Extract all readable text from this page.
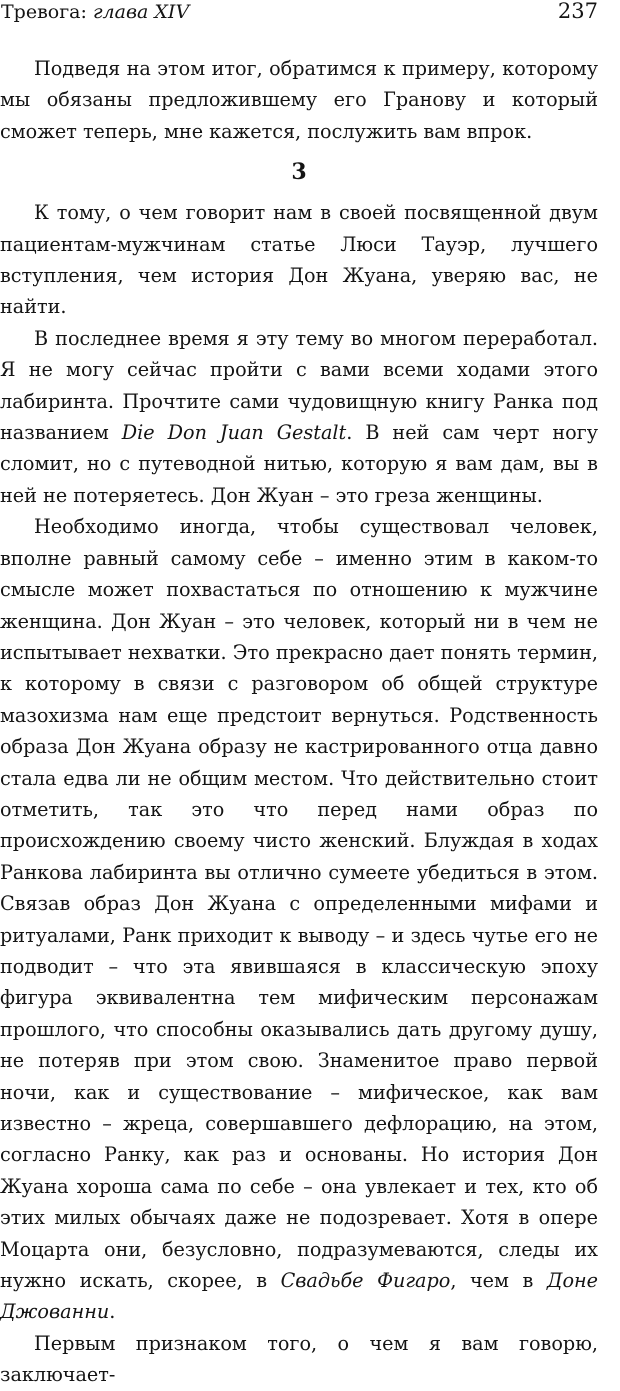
Тревога: глава XIV	237

Подведя на этом итог, обратимся к примеру, которому мы обязаны предложившему его Гранову и который сможет теперь, мне кажется, послужить вам впрок.

3

К тому, о чем говорит нам в своей посвященной двум пациентам-мужчинам статье Люси Тауэр, лучшего вступления, чем история Дон Жуана, уверяю вас, не найти.

В последнее время я эту тему во многом переработал. Я не могу сейчас пройти с вами всеми ходами этого лабиринта. Прочтите сами чудовищную книгу Ранка под названием Die Don Juan Gestalt. В ней сам черт ногу сломит, но с путеводной нитью, которую я вам дам, вы в ней не потеряетесь. Дон Жуан – это греза женщины.

Необходимо иногда, чтобы существовал человек, вполне равный самому себе – именно этим в каком-то смысле может похвастаться по отношению к мужчине женщина. Дон Жуан – это человек, который ни в чем не испытывает нехватки. Это прекрасно дает понять термин, к которому в связи с разговором об общей структуре мазохизма нам еще предстоит вернуться. Родственность образа Дон Жуана образу не кастрированного отца давно стала едва ли не общим местом. Что действительно стоит отметить, так это что перед нами образ по происхождению своему чисто женский. Блуждая в ходах Ранкова лабиринта вы отлично сумеете убедиться в этом. Связав образ Дон Жуана с определенными мифами и ритуалами, Ранк приходит к выводу – и здесь чутье его не подводит – что эта явившаяся в классическую эпоху фигура эквивалентна тем мифическим персонажам прошлого, что способны оказывались дать другому душу, не потеряв при этом свою. Знаменитое право первой ночи, как и существование – мифическое, как вам известно – жреца, совершавшего дефлорацию, на этом, согласно Ранку, как раз и основаны. Но история Дон Жуана хороша сама по себе – она увлекает и тех, кто об этих милых обычаях даже не подозревает. Хотя в опере Моцарта они, безусловно, подразумеваются, следы их нужно искать, скорее, в Свадьбе Фигаро, чем в Доне Джованни.

Первым признаком того, о чем я вам говорю, заключает-
